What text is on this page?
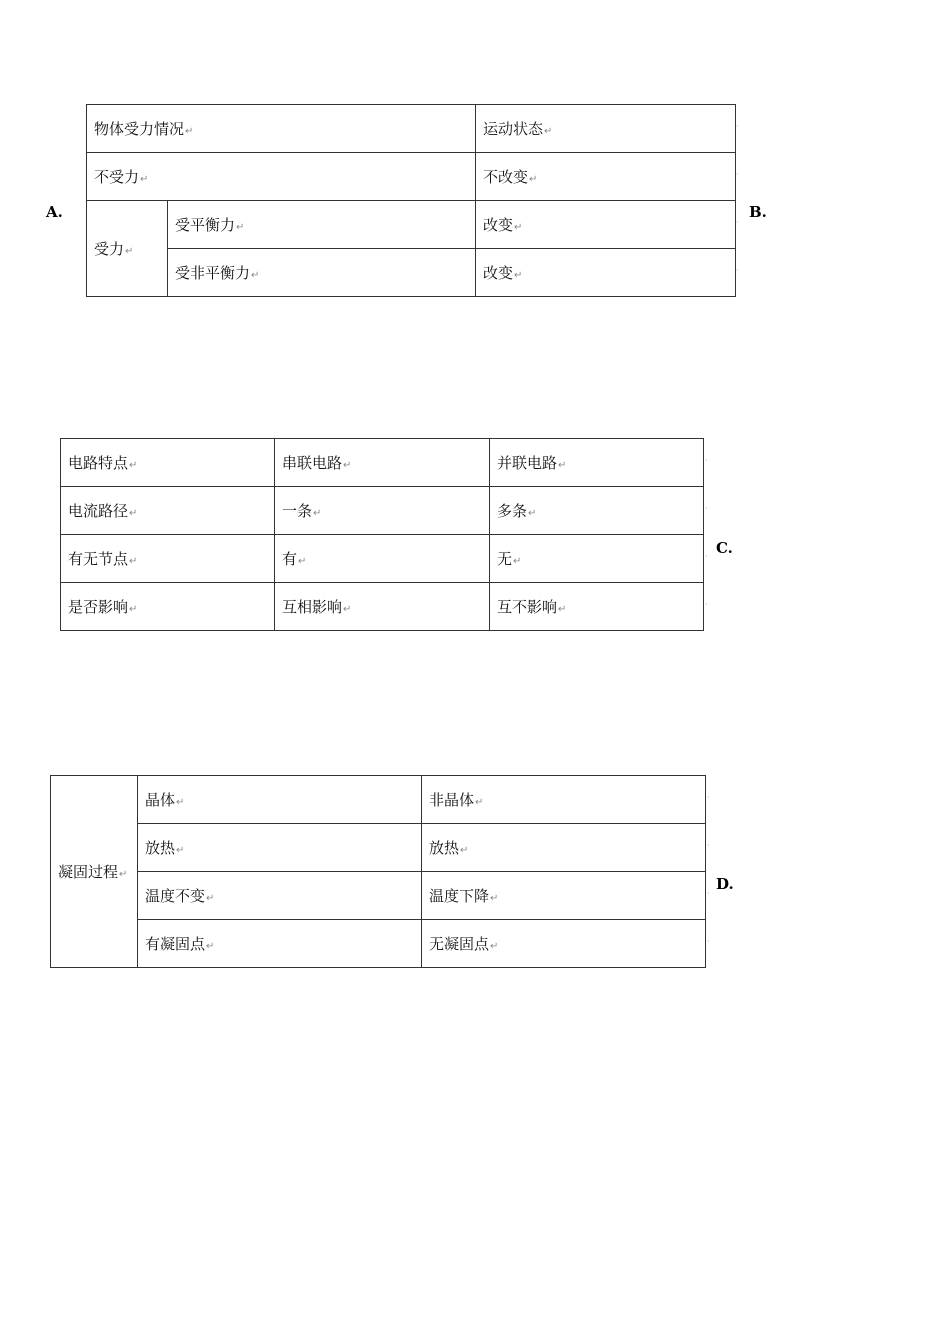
A.	B.
C.
D.
物体受力情况↵		运动状态↵
不受力↵		不改变↵
受力↵	受平衡力↵	改变↵
	受非平衡力↵	改变↵
电路特点↵	串联电路↵	并联电路↵
电流路径↵	一条↵	多条↵
有无节点↵	有↵	无↵
是否影响↵	互相影响↵	互不影响↵
凝固过程↵	晶体↵	非晶体↵
	放热↵	放热↵
	温度不变↵	温度下降↵
	有凝固点↵	无凝固点↵
·
·
·
·
·
·
·
·
·
·
·
·
